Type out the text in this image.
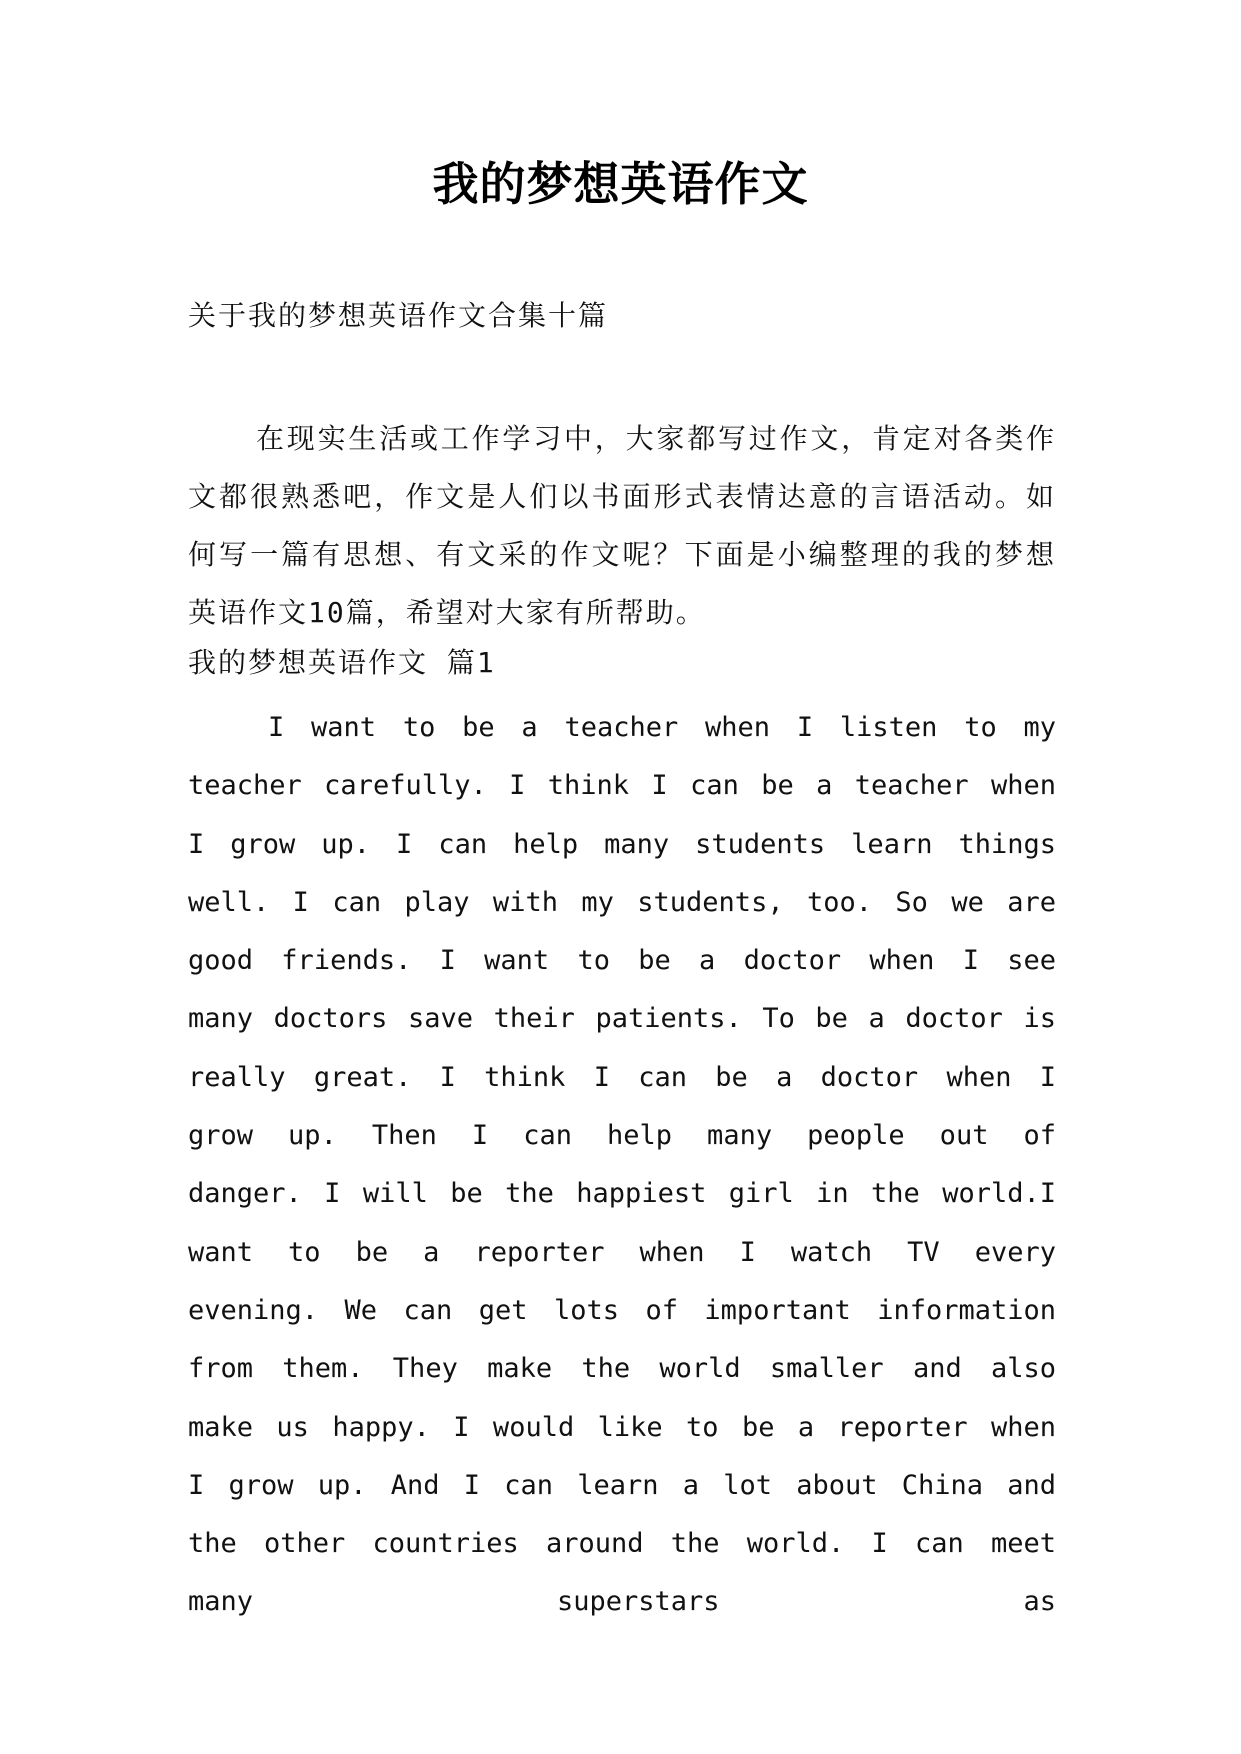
我的梦想英语作文
关于我的梦想英语作文合集十篇

在现实生活或工作学习中，大家都写过作文，肯定对各类作文都很熟悉吧，作文是人们以书面形式表情达意的言语活动。如何写一篇有思想、有文采的作文呢？下面是小编整理的我的梦想英语作文10篇，希望对大家有所帮助。

我的梦想英语作文 篇1

I want to be a teacher when I listen to my teacher carefully. I think I can be a teacher when I grow up. I can help many students learn things well. I can play with my students, too. So we are good friends. I want to be a doctor when I see many doctors save their patients. To be a doctor is really great. I think I can be a doctor when I grow up. Then I can help many people out of danger. I will be the happiest girl in the world.I want to be a reporter when I watch TV every evening. We can get lots of important information from them. They make the world smaller and also make us happy. I would like to be a reporter when I grow up. And I can learn a lot about China and the other countries around the world. I can meet many superstars as
